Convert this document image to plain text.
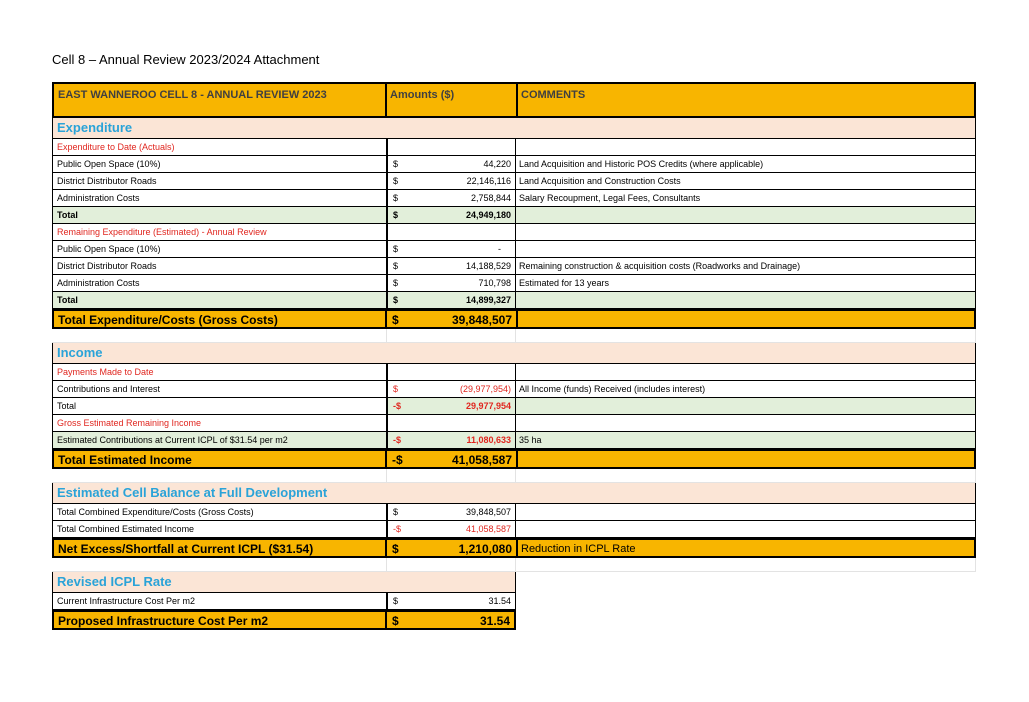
Cell 8 – Annual Review 2023/2024 Attachment
EAST WANNEROO CELL 8 - ANNUAL REVIEW 2023	Amounts ($)	COMMENTS
Expenditure
Expenditure to Date (Actuals)
Public Open Space (10%)	$	44,220 Land Acquisition and Historic POS Credits (where applicable)
District Distributor Roads	$	22,146,116 Land Acquisition and Construction Costs
Administration Costs	$	2,758,844 Salary Recoupment, Legal Fees, Consultants
Total	$	24,949,180
Remaining Expenditure (Estimated) - Annual Review
Public Open Space (10%)	$	-
District Distributor Roads	$	14,188,529 Remaining construction & acquisition costs (Roadworks and Drainage)
Administration Costs	$	710,798 Estimated for 13 years
Total	$	14,899,327
Total Expenditure/Costs (Gross Costs)	$	39,848,507
Income
Payments Made to Date
Contributions and Interest	$	(29,977,954) All Income (funds) Received (includes interest)
Total	-$	29,977,954
Gross Estimated Remaining Income
Estimated Contributions at Current ICPL of $31.54 per m2	-$	11,080,633 35 ha
Total Estimated Income	-$	41,058,587
Estimated Cell Balance at Full Development
Total Combined Expenditure/Costs (Gross Costs)	$	39,848,507
Total Combined Estimated Income	-$	41,058,587
Net Excess/Shortfall at Current ICPL ($31.54)	$	1,210,080 Reduction in ICPL Rate
Revised ICPL Rate
Current Infrastructure Cost Per m2	$	31.54
Proposed Infrastructure Cost Per m2	$	31.54
